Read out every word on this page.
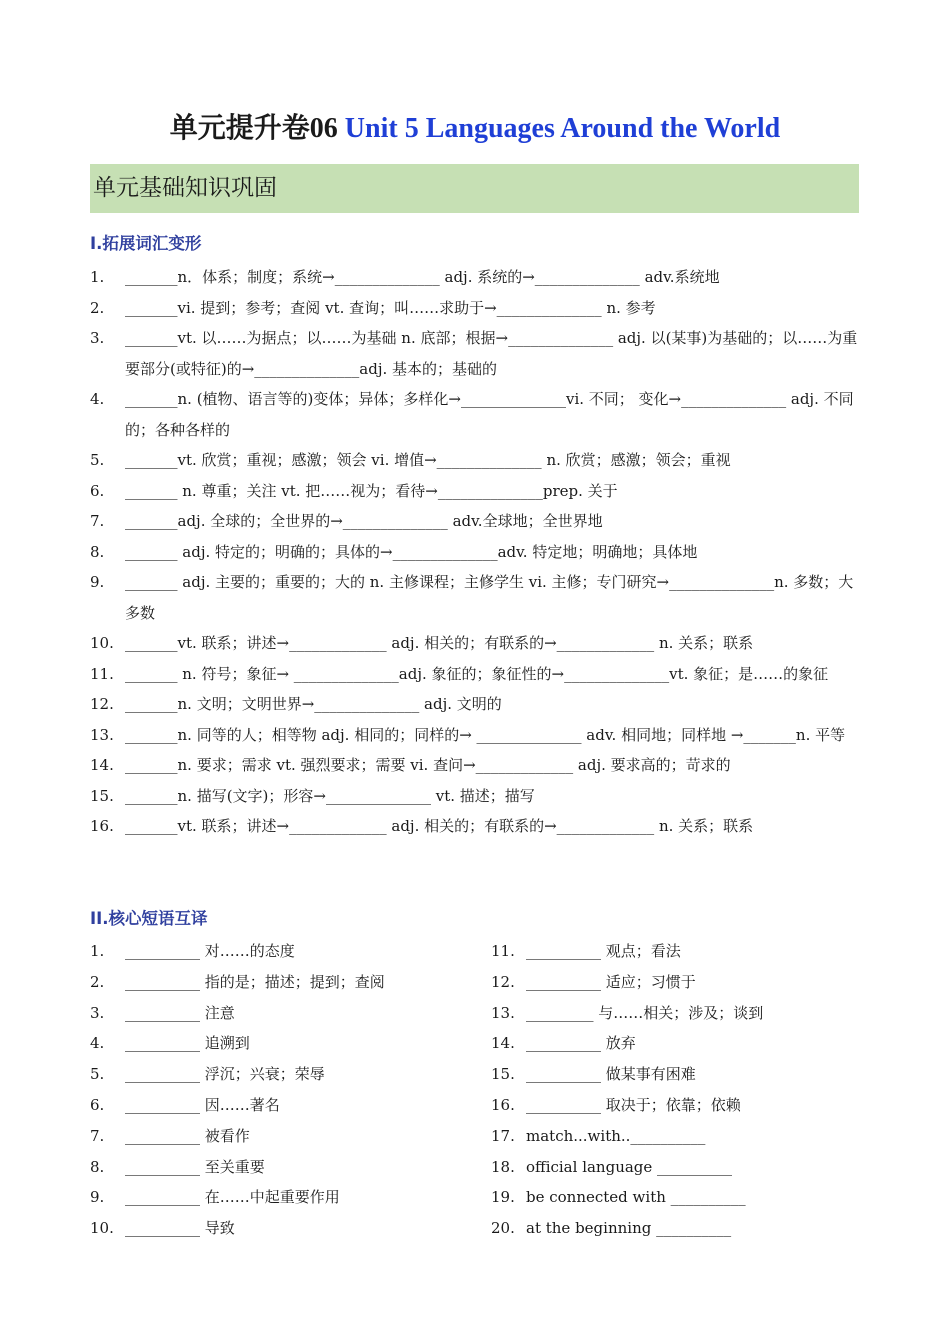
单元提升卷06 Unit 5 Languages Around the World
单元基础知识巩固
I.拓展词汇变形
1. _______n．体系；制度；系统→______________ adj. 系统的→______________ adv.系统地
2. _______vi. 提到；参考；查阅 vt. 查询；叫……求助于→______________ n. 参考
3. _______vt. 以……为据点；以……为基础 n. 底部；根据→______________ adj. 以(某事)为基础的；以……为重要部分(或特征)的→______________adj. 基本的；基础的
4. _______n. (植物、语言等的)变体；异体；多样化→______________vi. 不同； 变化→______________ adj. 不同的；各种各样的
5. _______vt. 欣赏；重视；感激；领会 vi. 增值→______________ n. 欣赏；感激；领会；重视
6. _______ n. 尊重；关注 vt. 把……视为；看待→______________prep. 关于
7. _______adj. 全球的；全世界的→______________ adv.全球地；全世界地
8. _______ adj. 特定的；明确的；具体的→______________adv. 特定地；明确地；具体地
9. _______ adj. 主要的；重要的；大的 n. 主修课程；主修学生 vi. 主修；专门研究→______________n. 多数；大多数
10. _______vt. 联系；讲述→_____________ adj. 相关的；有联系的→_____________ n. 关系；联系
11. _______ n. 符号；象征→ ______________adj. 象征的；象征性的→______________vt. 象征；是……的象征
12. _______n. 文明；文明世界→______________ adj. 文明的
13. _______n. 同等的人；相等物 adj. 相同的；同样的→ ______________ adv. 相同地；同样地 →_______n. 平等
14. _______n. 要求；需求 vt. 强烈要求；需要 vi. 查问→_____________ adj. 要求高的；苛求的
15. _______n. 描写(文字)；形容→______________ vt. 描述；描写
16. _______vt. 联系；讲述→_____________ adj. 相关的；有联系的→_____________ n. 关系；联系
II.核心短语互译
1. __________ 对……的态度
2. __________ 指的是；描述；提到；查阅
3. __________ 注意
4. __________ 追溯到
5. __________ 浮沉；兴衰；荣辱
6. __________ 因……著名
7. __________ 被看作
8. __________ 至关重要
9. __________ 在……中起重要作用
10. __________ 导致
11. __________ 观点；看法
12. __________ 适应；习惯于
13. _________ 与……相关；涉及；谈到
14. __________ 放弃
15. __________ 做某事有困难
16. __________ 取决于；依靠；依赖
17. match...with..__________
18. official language __________
19. be connected with __________
20. at the beginning __________
